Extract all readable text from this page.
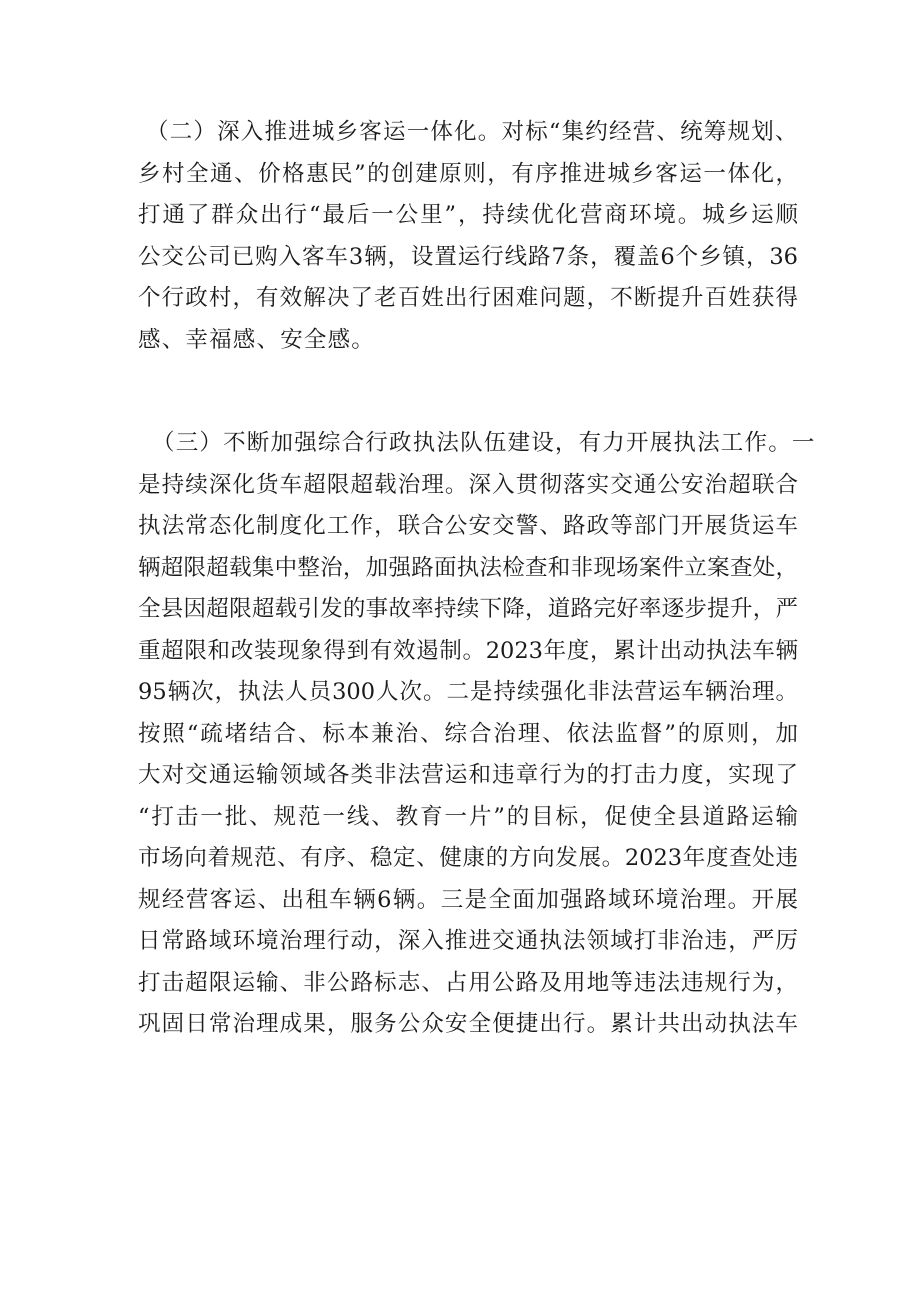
（二）深入推进城乡客运一体化。对标“集约经营、统筹规划、
乡村全通、价格惠民”的创建原则，有序推进城乡客运一体化，
打通了群众出行“最后一公里”，持续优化营商环境。城乡运顺
公交公司已购入客车3辆，设置运行线路7条，覆盖6个乡镇，36
个行政村，有效解决了老百姓出行困难问题，不断提升百姓获得
感、幸福感、安全感。
（三）不断加强综合行政执法队伍建设，有力开展执法工作。一
是持续深化货车超限超载治理。深入贯彻落实交通公安治超联合
执法常态化制度化工作，联合公安交警、路政等部门开展货运车
辆超限超载集中整治，加强路面执法检查和非现场案件立案查处，
全县因超限超载引发的事故率持续下降，道路完好率逐步提升，严
重超限和改装现象得到有效遏制。2023年度，累计出动执法车辆
95辆次，执法人员300人次。二是持续强化非法营运车辆治理。
按照“疏堵结合、标本兼治、综合治理、依法监督”的原则，加
大对交通运输领域各类非法营运和违章行为的打击力度，实现了
“打击一批、规范一线、教育一片”的目标，促使全县道路运输
市场向着规范、有序、稳定、健康的方向发展。2023年度查处违
规经营客运、出租车辆6辆。三是全面加强路域环境治理。开展
日常路域环境治理行动，深入推进交通执法领域打非治违，严厉
打击超限运输、非公路标志、占用公路及用地等违法违规行为，
巩固日常治理成果，服务公众安全便捷出行。累计共出动执法车
